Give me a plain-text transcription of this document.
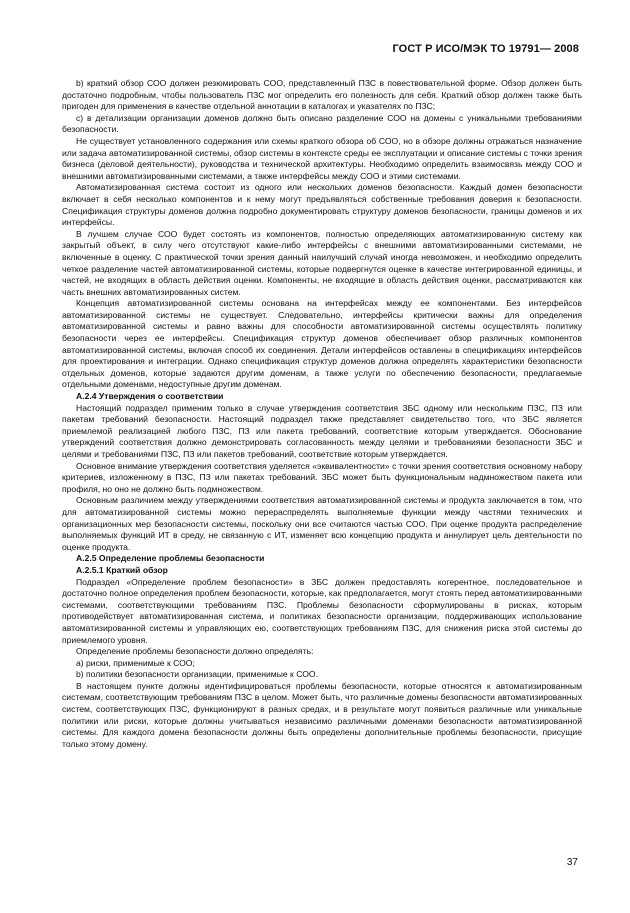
ГОСТ Р ИСО/МЭК ТО 19791— 2008

b) краткий обзор СОО должен резюмировать СОО, представленный ПЗС в повествовательной форме. Обзор должен быть достаточно подробным, чтобы пользователь ПЗС мог определить его полезность для себя. Краткий обзор должен также быть пригоден для применения в качестве отдельной аннотации в каталогах и указателях по ПЗС;

с) в детализации организации доменов должно быть описано разделение СОО на домены с уникальными требованиями безопасности.

Не существует установленного содержания или схемы краткого обзора об СОО, но в обзоре должны отражаться назначение или задача автоматизированной системы, обзор системы в контексте среды ее эксплуатации и описание системы с точки зрения бизнеса (деловой деятельности), руководства и технической архитектуры. Необходимо определить взаимосвязь между СОО и внешними автоматизированными системами, а также интерфейсы между СОО и этими системами.

Автоматизированная система состоит из одного или нескольких доменов безопасности. Каждый домен безопасности включает в себя несколько компонентов и к нему могут предъявляться собственные требования доверия к безопасности. Спецификация структуры доменов должна подробно документировать структуру доменов безопасности, границы доменов и их интерфейсы.

В лучшем случае СОО будет состоять из компонентов, полностью определяющих автоматизированную систему как закрытый объект, в силу чего отсутствуют какие-либо интерфейсы с внешними автоматизированными системами, не включенные в оценку. С практической точки зрения данный наилучший случай иногда невозможен, и необходимо определить четкое разделение частей автоматизированной системы, которые подвергнутся оценке в качестве интегрированной единицы, и частей, не входящих в область действия оценки. Компоненты, не входящие в область действия оценки, рассматриваются как часть внешних автоматизированных систем.

Концепция автоматизированной системы основана на интерфейсах между ее компонентами. Без интерфейсов автоматизированной системы не существует. Следовательно, интерфейсы критически важны для определения автоматизированной системы и равно важны для способности автоматизированной системы осуществлять политику безопасности через ее интерфейсы. Спецификация структур доменов обеспечивает обзор различных компонентов автоматизированной системы, включая способ их соединения. Детали интерфейсов оставлены в спецификациях интерфейсов для проектирования и интеграции. Однако спецификация структур доменов должна определять характеристики безопасности отдельных доменов, которые задаются другим доменам, а также услуги по обеспечению безопасности, предлагаемые отдельными доменами, недоступные другим доменам.

А.2.4 Утверждения о соответствии

Настоящий подраздел применим только в случае утверждения соответствия ЗБС одному или нескольким ПЗС, ПЗ или пакетам требований безопасности. Настоящий подраздел также представляет свидетельство того, что ЗБС является приемлемой реализацией любого ПЗС, ПЗ или пакета требований, соответствие которым утверждается. Обоснование утверждений соответствия должно демонстрировать согласованность между целями и требованиями безопасности ЗБС и целями и требованиями ПЗС, ПЗ или пакетов требований, соответствие которым утверждается.

Основное внимание утверждения соответствия уделяется «эквивалентности» с точки зрения соответствия основному набору критериев, изложенному в ПЗС, ПЗ или пакетах требований. ЗБС может быть функциональным надмножеством пакета или профиля, но оно не должно быть подмножеством.

Основным различием между утверждениями соответствия автоматизированной системы и продукта заключается в том, что для автоматизированной системы можно перераспределять выполняемые функции между частями технических и организационных мер безопасности системы, поскольку они все считаются частью СОО. При оценке продукта распределение выполняемых функций ИТ в среду, не связанную с ИТ, изменяет всю концепцию продукта и аннулирует цель деятельности по оценке продукта.

А.2.5 Определение проблемы безопасности

А.2.5.1 Краткий обзор

Подраздел «Определение проблем безопасности» в ЗБС должен предоставлять когерентное, последовательное и достаточно полное определения проблем безопасности, которые, как предполагается, могут стоять перед автоматизированными системами, соответствующими требованиям ПЗС. Проблемы безопасности сформулированы в рисках, которым противодействует автоматизированная система, и политиках безопасности организации, поддерживающих использование автоматизированной системы и управляющих ею, соответствующих требованиям ПЗС, для снижения риска этой системы до приемлемого уровня.

Определение проблемы безопасности должно определять:

а) риски, применимые к СОО;

b) политики безопасности организации, применимые к СОО.

В настоящем пункте должны идентифицироваться проблемы безопасности, которые относятся к автоматизированным системам, соответствующим требованиям ПЗС в целом. Может быть, что различные домены безопасности автоматизированных систем, соответствующих ПЗС, функционируют в разных средах, и в результате могут появиться различные или уникальные политики или риски, которые должны учитываться независимо различными доменами безопасности автоматизированной системы. Для каждого домена безопасности должны быть определены дополнительные проблемы безопасности, присущие только этому домену.

37
